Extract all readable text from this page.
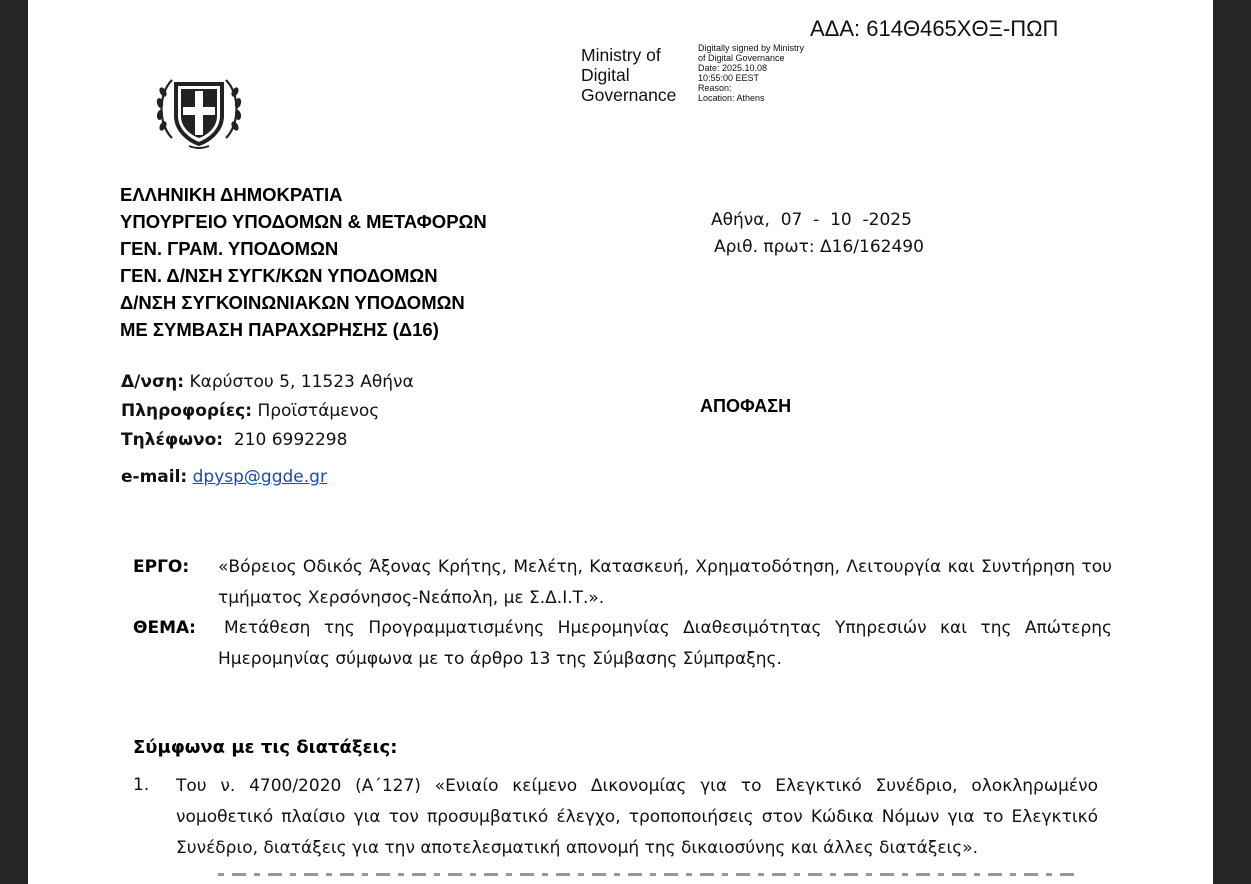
ΑΔΑ: 614Θ465ΧΘΞ-ΠΩΠ
Ministry of
Digital
Governance
Digitally signed by Ministry
of Digital Governance
Date: 2025.10.08
10:55:00 EEST
Reason:
Location: Athens
ΕΛΛΗΝΙΚΗ ΔΗΜΟΚΡΑΤΙΑ
ΥΠΟΥΡΓΕΙΟ ΥΠΟΔΟΜΩΝ & ΜΕΤΑΦΟΡΩΝ
ΓΕΝ. ΓΡΑΜ. ΥΠΟΔΟΜΩΝ
ΓΕΝ. Δ/ΝΣΗ ΣΥΓΚ/ΚΩΝ ΥΠΟΔΟΜΩΝ
Δ/ΝΣΗ ΣΥΓΚΟΙΝΩΝΙΑΚΩΝ ΥΠΟΔΟΜΩΝ
ΜΕ ΣΥΜΒΑΣΗ ΠΑΡΑΧΩΡΗΣΗΣ (Δ16)
Αθήνα,  07  -  10  -2025
Αριθ. πρωτ: Δ16/162490
Δ/νση: Καρύστου 5, 11523 Αθήνα
Πληροφορίες: Προϊστάμενος
Τηλέφωνο:  210 6992298
e-mail: dpysp@ggde.gr
ΑΠΟΦΑΣΗ
ΕΡΓΟ: «Βόρειος Οδικός Άξονας Κρήτης, Μελέτη, Κατασκευή, Χρηματοδότηση, Λειτουργία και Συντήρηση του τμήματος Χερσόνησος-Νεάπολη, με Σ.Δ.Ι.Τ.».
ΘΕΜΑ:	Μετάθεση της Προγραμματισμένης Ημερομηνίας Διαθεσιμότητας Υπηρεσιών και της Απώτερης Ημερομηνίας σύμφωνα με το άρθρο 13 της Σύμβασης Σύμπραξης.
Σύμφωνα με τις διατάξεις:
1. Του ν. 4700/2020 (Α΄127) «Ενιαίο κείμενο Δικονομίας για το Ελεγκτικό Συνέδριο, ολοκληρωμένο νομοθετικό πλαίσιο για τον προσυμβατικό έλεγχο, τροποποιήσεις στον Κώδικα Νόμων για το Ελεγκτικό Συνέδριο, διατάξεις για την αποτελεσματική απονομή της δικαιοσύνης και άλλες διατάξεις».
